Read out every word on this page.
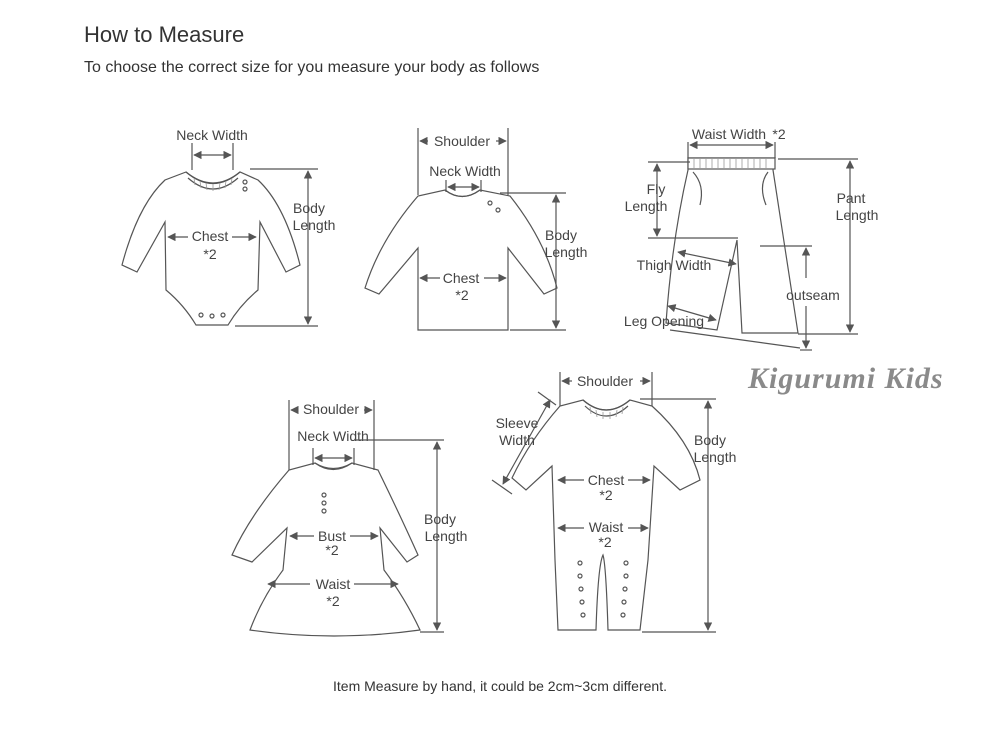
How to Measure
To choose the correct size for you measure your body as follows
Kigurumi Kids
Item Measure by hand, it could be 2cm~3cm different.
Neck Width
Chest
*2
Body
Length
Shoulder
Neck Width
Chest
*2
Body
Length
Waist Width *2
Fly
Length	Pant
Length
Thigh Width
outseam
Leg Opening
Shoulder
Neck Width
Bust
*2
Waist
*2
Body
Length
Shoulder
Sleeve
Width
Chest
*2
Waist
*2
Body
Length
